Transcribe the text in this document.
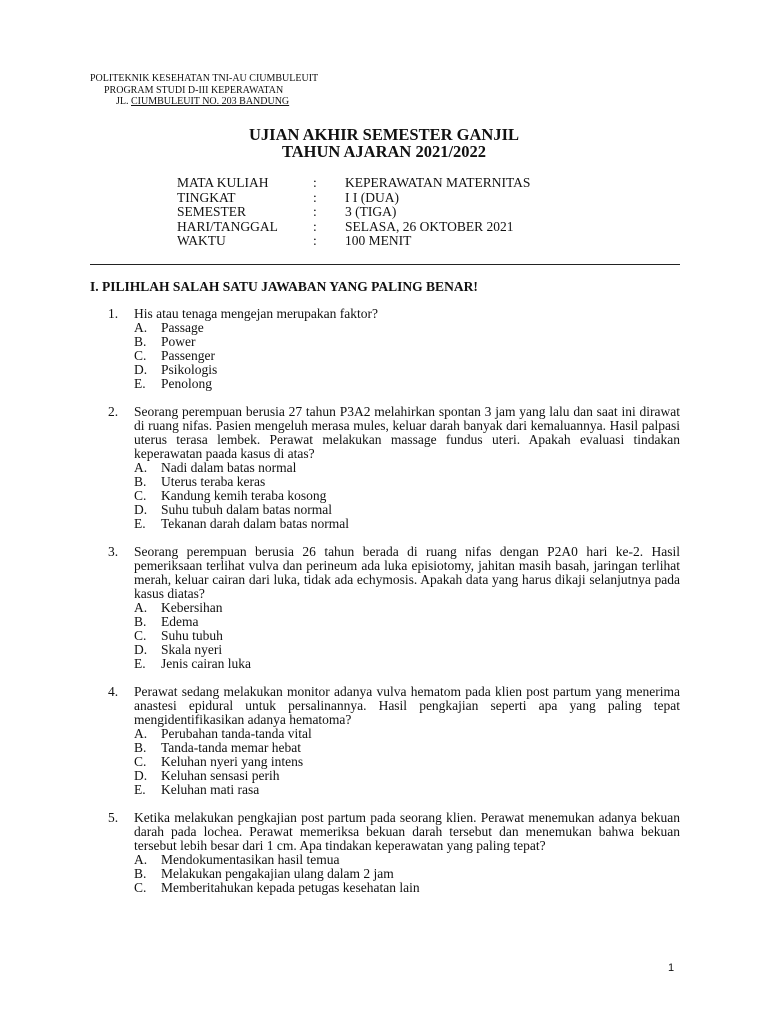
POLITEKNIK KESEHATAN TNI-AU CIUMBULEUIT
PROGRAM STUDI D-III KEPERAWATAN
JL. CIUMBULEUIT NO. 203 BANDUNG
UJIAN AKHIR SEMESTER GANJIL
TAHUN AJARAN 2021/2022
MATA KULIAH	:	KEPERAWATAN MATERNITAS
TINGKAT	:	I I (DUA)
SEMESTER	:	3 (TIGA)
HARI/TANGGAL	:	SELASA, 26 OKTOBER 2021
WAKTU	:	100 MENIT
I. PILIHLAH SALAH SATU JAWABAN YANG PALING BENAR!
1. His atau tenaga mengejan merupakan faktor?
A.	Passage
B.	Power
C.	Passenger
D.	Psikologis
E.	Penolong
2. Seorang perempuan berusia 27 tahun P3A2 melahirkan spontan 3 jam yang lalu dan saat ini dirawat di ruang nifas. Pasien mengeluh merasa mules, keluar darah banyak dari kemaluannya. Hasil palpasi uterus terasa lembek. Perawat melakukan massage fundus uteri. Apakah evaluasi tindakan keperawatan paada kasus di atas?
A.	Nadi dalam batas normal
B.	Uterus teraba keras
C.	Kandung kemih teraba kosong
D.	Suhu tubuh dalam batas normal
E.	Tekanan darah dalam batas normal
3. Seorang perempuan berusia 26 tahun berada di ruang nifas dengan P2A0 hari ke-2. Hasil pemeriksaan terlihat vulva dan perineum ada luka episiotomy, jahitan masih basah, jaringan terlihat merah, keluar cairan dari luka, tidak ada echymosis. Apakah data yang harus dikaji selanjutnya pada kasus diatas?
A.	Kebersihan
B.	Edema
C.	Suhu tubuh
D.	Skala nyeri
E.	Jenis cairan luka
4. Perawat sedang melakukan monitor adanya vulva hematom pada klien post partum yang menerima anastesi epidural untuk persalinannya. Hasil pengkajian seperti apa yang paling tepat mengidentifikasikan adanya hematoma?
A.	Perubahan tanda-tanda vital
B.	Tanda-tanda memar hebat
C.	Keluhan nyeri yang intens
D.	Keluhan sensasi perih
E.	Keluhan mati rasa
5. Ketika melakukan pengkajian post partum pada seorang klien. Perawat menemukan adanya bekuan darah pada lochea. Perawat memeriksa bekuan darah tersebut dan menemukan bahwa bekuan tersebut lebih besar dari 1 cm. Apa tindakan keperawatan yang paling tepat?
A.	Mendokumentasikan hasil temua
B.	Melakukan pengakajian ulang dalam 2 jam
C.	Memberitahukan kepada petugas kesehatan lain
1
